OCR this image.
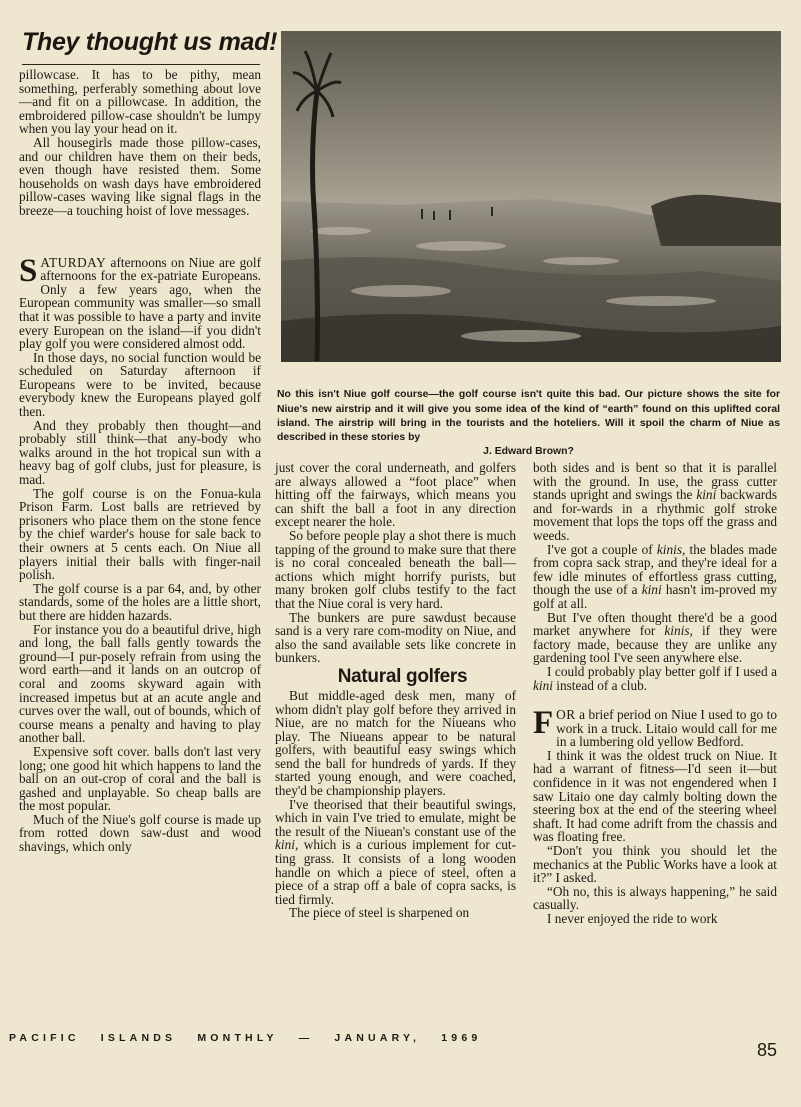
They thought us mad!

pillowcase. It has to be pithy, mean something, perferably something about love—and fit on a pillowcase. In addition, the embroidered pillow-case shouldn't be lumpy when you lay your head on it.

All housegirls made those pillow-cases, and our children have them on their beds, even though have resisted them. Some households on wash days have embroidered pillow-cases waving like signal flags in the breeze—a touching hoist of love messages.

SATURDAY afternoons on Niue are golf afternoons for the ex-patriate Europeans. Only a few years ago, when the European community was smaller—so small that it was possible to have a party and invite every European on the island—if you didn't play golf you were considered almost odd.

In those days, no social function would be scheduled on Saturday afternoon if Europeans were to be invited, because everybody knew the Europeans played golf then.

And they probably then thought—and probably still think—that any-body who walks around in the hot tropical sun with a heavy bag of golf clubs, just for pleasure, is mad.

The golf course is on the Fonua-kula Prison Farm. Lost balls are retrieved by prisoners who place them on the stone fence by the chief warder's house for sale back to their owners at 5 cents each. On Niue all players initial their balls with finger-nail polish.

The golf course is a par 64, and, by other standards, some of the holes are a little short, but there are hidden hazards.

For instance you do a beautiful drive, high and long, the ball falls gently towards the ground—I pur-posely refrain from using the word earth—and it lands on an outcrop of coral and zooms skyward again with increased impetus but at an acute angle and curves over the wall, out of bounds, which of course means a penalty and having to play another ball.

Expensive soft cover. balls don't last very long; one good hit which happens to land the ball on an out-crop of coral and the ball is gashed and unplayable. So cheap balls are the most popular.

Much of the Niue's golf course is made up from rotted down saw-dust and wood shavings, which only

No this isn't Niue golf course—the golf course isn't quite this bad. Our picture shows the site for Niue's new airstrip and it will give you some idea of the kind of “earth” found on this uplifted coral island. The airstrip will bring in the tourists and the hoteliers. Will it spoil the charm of Niue as described in these stories by
J. Edward Brown?

just cover the coral underneath, and golfers are always allowed a “foot place” when hitting off the fairways, which means you can shift the ball a foot in any direction except nearer the hole.

So before people play a shot there is much tapping of the ground to make sure that there is no coral concealed beneath the ball—actions which might horrify purists, but many broken golf clubs testify to the fact that the Niue coral is very hard.

The bunkers are pure sawdust because sand is a very rare com-modity on Niue, and also the sand available sets like concrete in bunkers.

Natural golfers

But middle-aged desk men, many of whom didn't play golf before they arrived in Niue, are no match for the Niueans who play. The Niueans appear to be natural golfers, with beautiful easy swings which send the ball for hundreds of yards. If they started young enough, and were coached, they'd be championship players.

I've theorised that their beautiful swings, which in vain I've tried to emulate, might be the result of the Niuean's constant use of the kini, which is a curious implement for cut-ting grass. It consists of a long wooden handle on which a piece of steel, often a piece of a strap off a bale of copra sacks, is tied firmly.

The piece of steel is sharpened on

both sides and is bent so that it is parallel with the ground. In use, the grass cutter stands upright and swings the kini backwards and for-wards in a rhythmic golf stroke movement that lops the tops off the grass and weeds.

I've got a couple of kinis, the blades made from copra sack strap, and they're ideal for a few idle minutes of effortless grass cutting, though the use of a kini hasn't im-proved my golf at all.

But I've often thought there'd be a good market anywhere for kinis, if they were factory made, because they are unlike any gardening tool I've seen anywhere else.

I could probably play better golf if I used a kini instead of a club.

FOR a brief period on Niue I used to go to work in a truck. Litaio would call for me in a lumbering old yellow Bedford.

I think it was the oldest truck on Niue. It had a warrant of fitness—I'd seen it—but confidence in it was not engendered when I saw Litaio one day calmly bolting down the steering box at the end of the steering wheel shaft. It had come adrift from the chassis and was floating free.

“Don't you think you should let the mechanics at the Public Works have a look at it?” I asked.

“Oh no, this is always happening,” he said casually.

I never enjoyed the ride to work

PACIFIC ISLANDS MONTHLY — JANUARY, 1969
85
